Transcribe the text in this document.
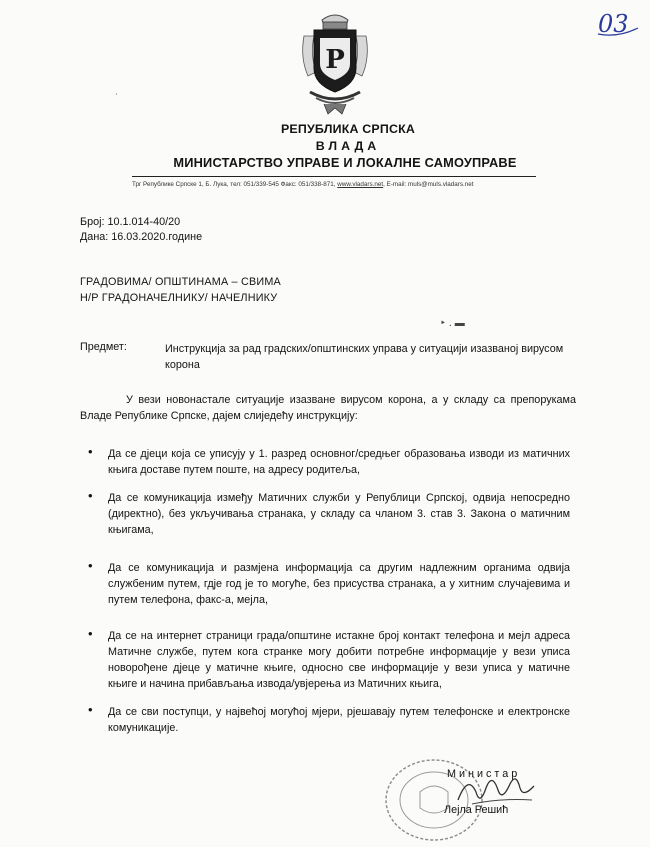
Р
03
ˈ
РЕПУБЛИКА СРПСКА
ВЛАДА
МИНИСТАРСТВО УПРАВЕ И ЛОКАЛНЕ САМОУПРАВЕ
Трг Републике Српске 1, Б. Лука, тел: 051/339-545 Факс: 051/338-871, www.vladars.net, E-mail: muls@muls.vladars.net
Број: 10.1.014-40/20
Дана: 16.03.2020.године
ГРАДОВИМА/ ОПШТИНАМА – СВИМА
Н/Р ГРАДОНАЧЕЛНИКУ/ НАЧЕЛНИКУ
‣ ․ ▬
Предмет:	Инструкција за рад градских/општинских управа у ситуацији изазваној вирусом корона
У вези новонастале ситуације изазване вирусом корона, а у складу са препорукама Владе Републике Српске, дајем слиједећу инструкцију:
• Да се дјеци која се уписују у 1. разред основног/средњег образовања изводи из матичних књига доставе путем поште, на адресу родитеља,
• Да се комуникација између Матичних служби у Републици Српској, одвија непосредно (директно), без укључивања странака, у складу са чланом 3. став 3. Закона о матичним књигама,
• Да се комуникација и размјена информација са другим надлежним органима одвија службеним путем, гдје год је то могуће, без присуства странака, а у хитним случајевима и путем телефона, факс-а, мејла,
• Да се на интернет страници града/општине истакне број контакт телефона и мејл адреса Матичне службе, путем кога странке могу добити потребне информације у вези уписа новорођене дјеце у матичне књиге, односно све информације у вези уписа у матичне књиге и начина прибављања извода/увјерења из Матичних књига,
• Да се сви поступци, у највећој могућој мјери, рјешавају путем телефонске и електронске комуникације.
Министар
Лејла Решић
